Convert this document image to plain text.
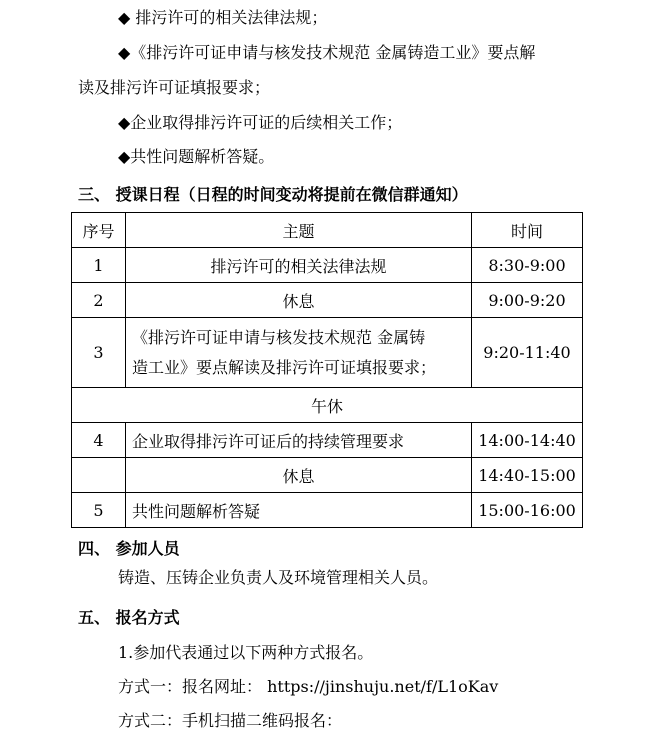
◆ 排污许可的相关法律法规；
◆《排污许可证申请与核发技术规范 金属铸造工业》要点解
读及排污许可证填报要求；
◆企业取得排污许可证的后续相关工作；
◆共性问题解析答疑。
三、 授课日程（日程的时间变动将提前在微信群通知）
序号	主题	时间
1	排污许可的相关法律法规	8:30-9:00
2	休息	9:00-9:20
3	《排污许可证申请与核发技术规范 金属铸
造工业》要点解读及排污许可证填报要求；	9:20-11:40
午休		
4	企业取得排污许可证后的持续管理要求	14:00-14:40
	休息	14:40-15:00
5	共性问题解析答疑	15:00-16:00
四、 参加人员
铸造、压铸企业负责人及环境管理相关人员。
五、 报名方式
1.参加代表通过以下两种方式报名。
方式一：报名网址： https://jinshuju.net/f/L1oKav
方式二：手机扫描二维码报名：
